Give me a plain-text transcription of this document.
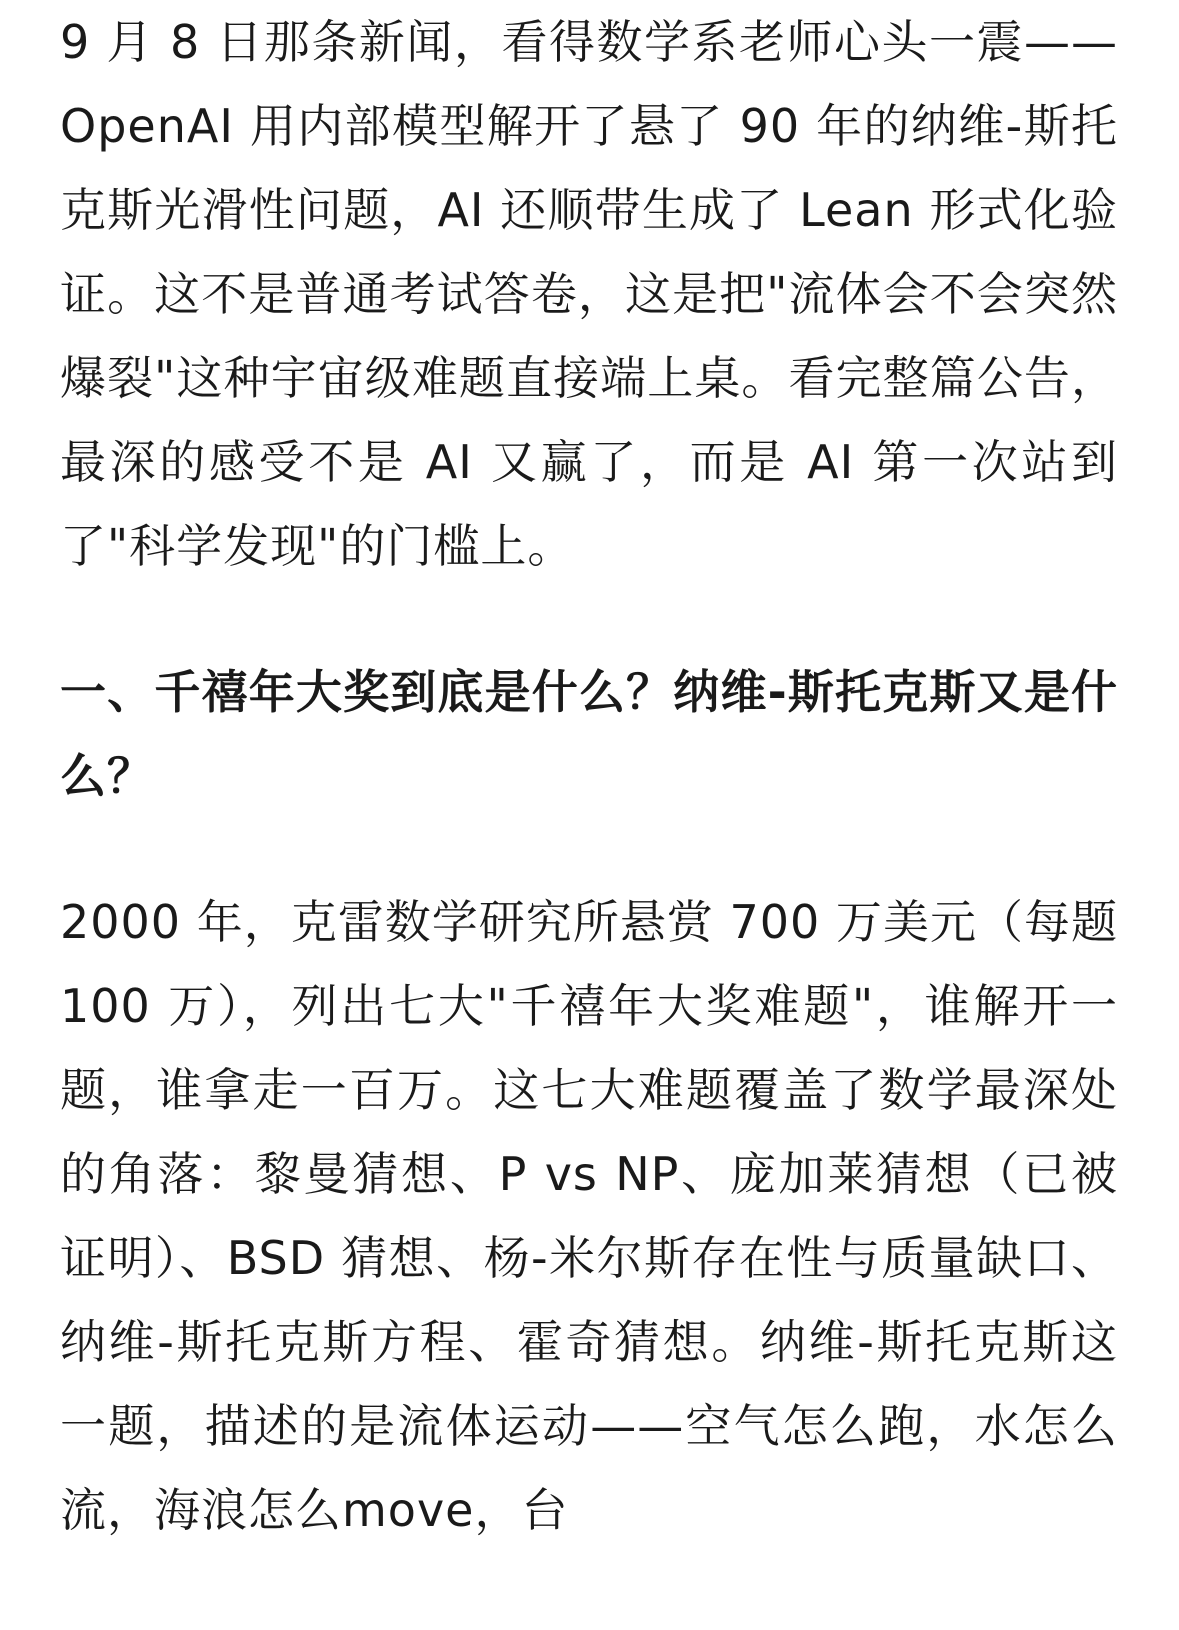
9 月 8 日那条新闻，看得数学系老师心头一震——OpenAI 用内部模型解开了悬了 90 年的纳维-斯托克斯光滑性问题，AI 还顺带生成了 Lean 形式化验证。这不是普通考试答卷，这是把"流体会不会突然爆裂"这种宇宙级难题直接端上桌。看完整篇公告，最深的感受不是 AI 又赢了，而是 AI 第一次站到了"科学发现"的门槛上。

一、千禧年大奖到底是什么？纳维-斯托克斯又是什么？

2000 年，克雷数学研究所悬赏 700 万美元（每题 100 万），列出七大"千禧年大奖难题"，谁解开一题，谁拿走一百万。这七大难题覆盖了数学最深处的角落：黎曼猜想、P vs NP、庞加莱猜想（已被证明）、BSD 猜想、杨-米尔斯存在性与质量缺口、纳维-斯托克斯方程、霍奇猜想。纳维-斯托克斯这一题，描述的是流体运动——空气怎么跑，水怎么流，海浪怎么move，台
